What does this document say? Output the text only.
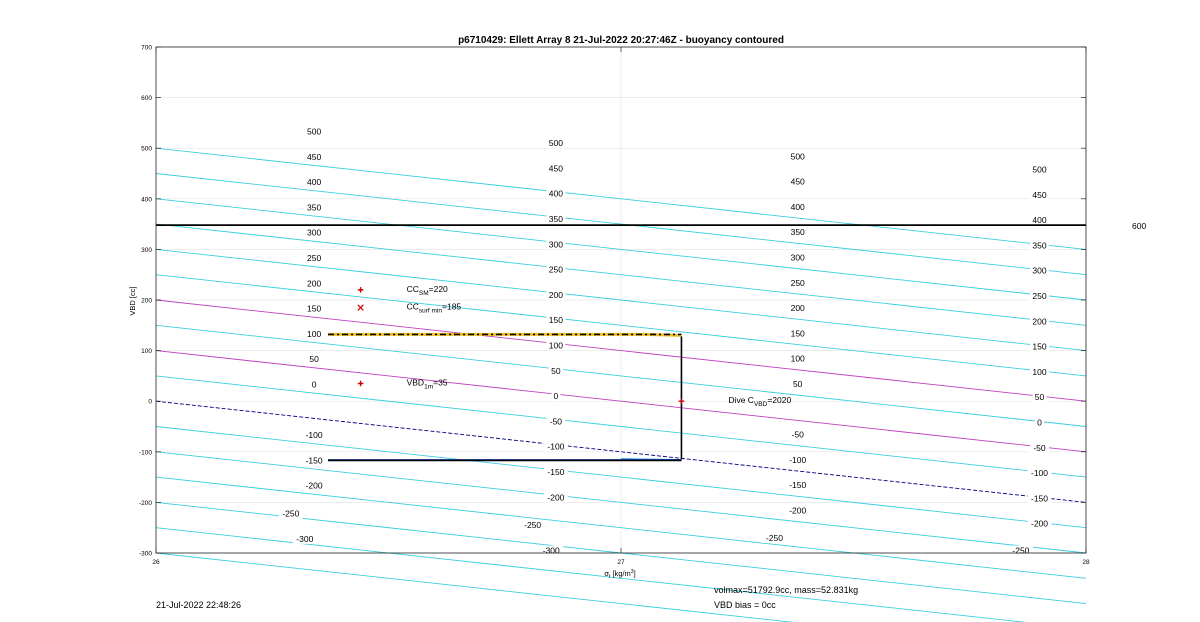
p6710429: Ellett Array 8 21-Jul-2022 20:27:46Z - buoyancy contoured
500
450
400
350
300
250
200
150
100
50
0
-100
-150
-200
-250
-300
500
450
400
350
300
250
200
150
100
50
0
-50
-100
-150
-200
-250
-300
500
450
400
350
300
250
200
150
100
50
-50
-100
-150
-200
-250
500
450
400
350
300
250
200
150
100
50
0
-50
-100
-150
-200
-250
600
$CC_{SM}=220$
$CC_{surf min}=185$
$VBD_{1m}=35$
Dive $C_{VBD}=2020$
-300
-200
-100
0
100
200
300
400
500
600
700
26	27	28
VBD [cc]
$\sigma_t$ $[kg/m^3]$
21-Jul-2022 22:48:26
volmax=51792.9cc, mass=52.831kg
VBD bias = 0cc
